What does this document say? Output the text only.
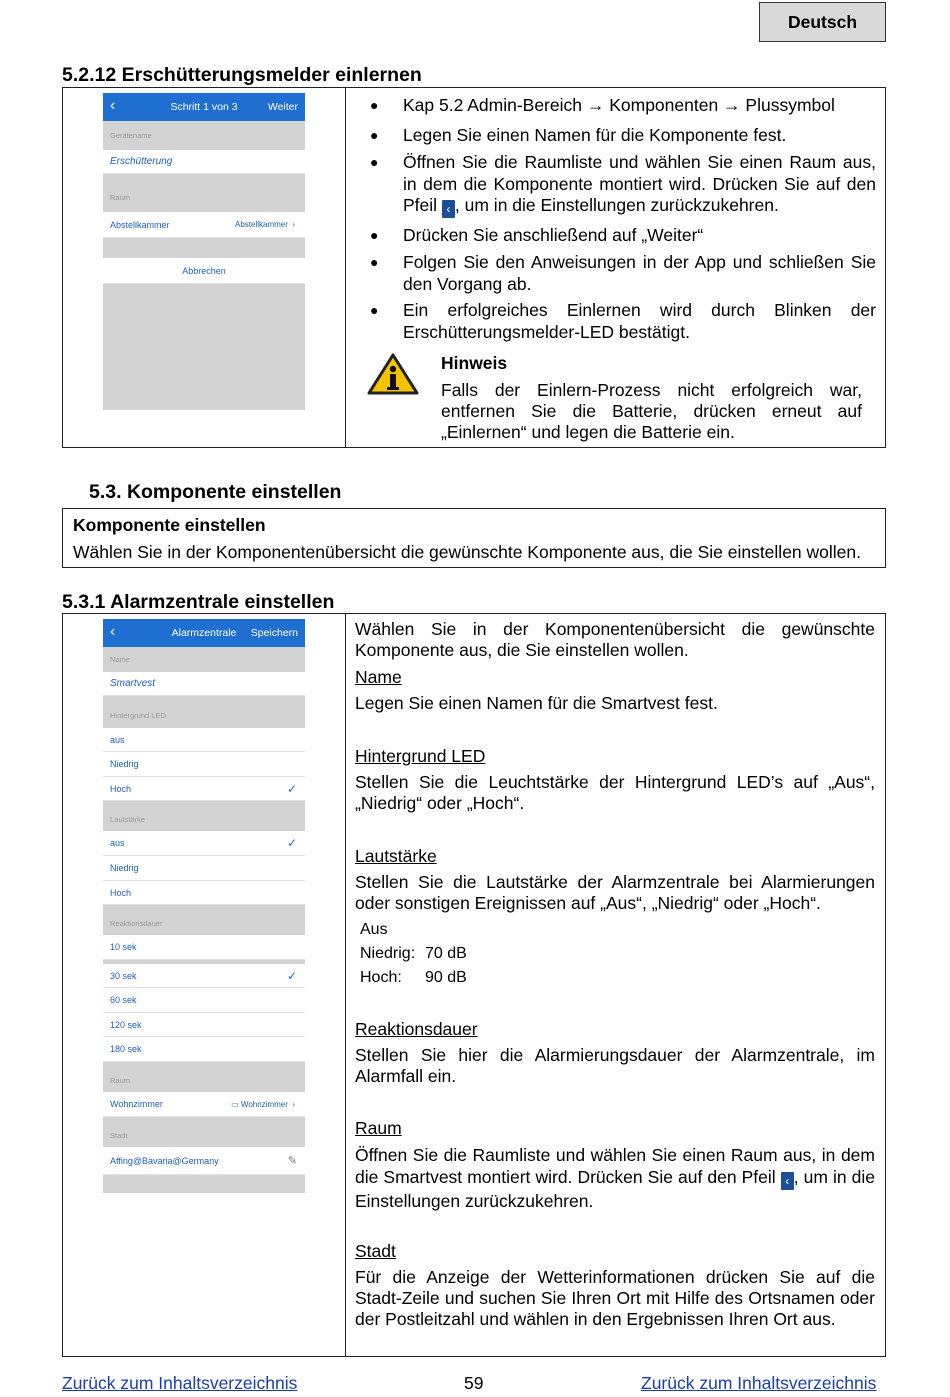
Deutsch
5.2.12 Erschütterungsmelder einlernen

‹	Schritt 1 von 3	Weiter
Gerätename
Erschütterung
Raum
Abstellkammer	Abstellkammer  ›
Abbrechen
●	Kap 5.2 Admin-Bereich → Komponenten → Plussymbol
●	Legen Sie einen Namen für die Komponente fest.
●	Öffnen Sie die Raumliste und wählen Sie einen Raum aus, in dem die Komponente montiert wird. Drücken Sie auf den Pfeil ‹ , um in die Einstellungen zurückzukehren.
●	Drücken Sie anschließend auf „Weiter“
●	Folgen Sie den Anweisungen in der App und schließen Sie den Vorgang ab.
●	Ein erfolgreiches Einlernen wird durch Blinken der Erschütterungsmelder-LED bestätigt.
Hinweis
Falls der Einlern-Prozess nicht erfolgreich war, entfernen Sie die Batterie, drücken erneut auf „Einlernen“ und legen die Batterie ein.
5.3. Komponente einstellen
Komponente einstellen
Wählen Sie in der Komponentenübersicht die gewünschte Komponente aus, die Sie einstellen wollen.
5.3.1 Alarmzentrale einstellen

‹	Alarmzentrale	Speichern
Name
Smartvest
Hintergrund LED
aus
Niedrig
Hoch	✓
Lautstärke
aus	✓
Niedrig
Hoch
Reaktionsdauer
10 sek
30 sek	✓
60 sek
120 sek
180 sek
Raum
Wohnzimmer	▭ Wohnzimmer  ›
Stadt
Affing@Bavaria@Germany	✎
Wählen Sie in der Komponentenübersicht die gewünschte Komponente aus, die Sie einstellen wollen.
Name
Legen Sie einen Namen für die Smartvest fest.
Hintergrund LED
Stellen Sie die Leuchtstärke der Hintergrund LED’s auf „Aus“, „Niedrig“ oder „Hoch“.
Lautstärke
Stellen Sie die Lautstärke der Alarmzentrale bei Alarmierungen oder sonstigen Ereignissen auf „Aus“, „Niedrig“ oder „Hoch“.
Aus
Niedrig: 70 dB
Hoch: 90 dB
Reaktionsdauer
Stellen Sie hier die Alarmierungsdauer der Alarmzentrale, im Alarmfall ein.
Raum
Öffnen Sie die Raumliste und wählen Sie einen Raum aus, in dem die Smartvest montiert wird. Drücken Sie auf den Pfeil ‹ , um in die Einstellungen zurückzukehren.
Stadt
Für die Anzeige der Wetterinformationen drücken Sie auf die Stadt-Zeile und suchen Sie Ihren Ort mit Hilfe des Ortsnamen oder der Postleitzahl und wählen in den Ergebnissen Ihren Ort aus.
Zurück zum Inhaltsverzeichnis	59	Zurück zum Inhaltsverzeichnis
